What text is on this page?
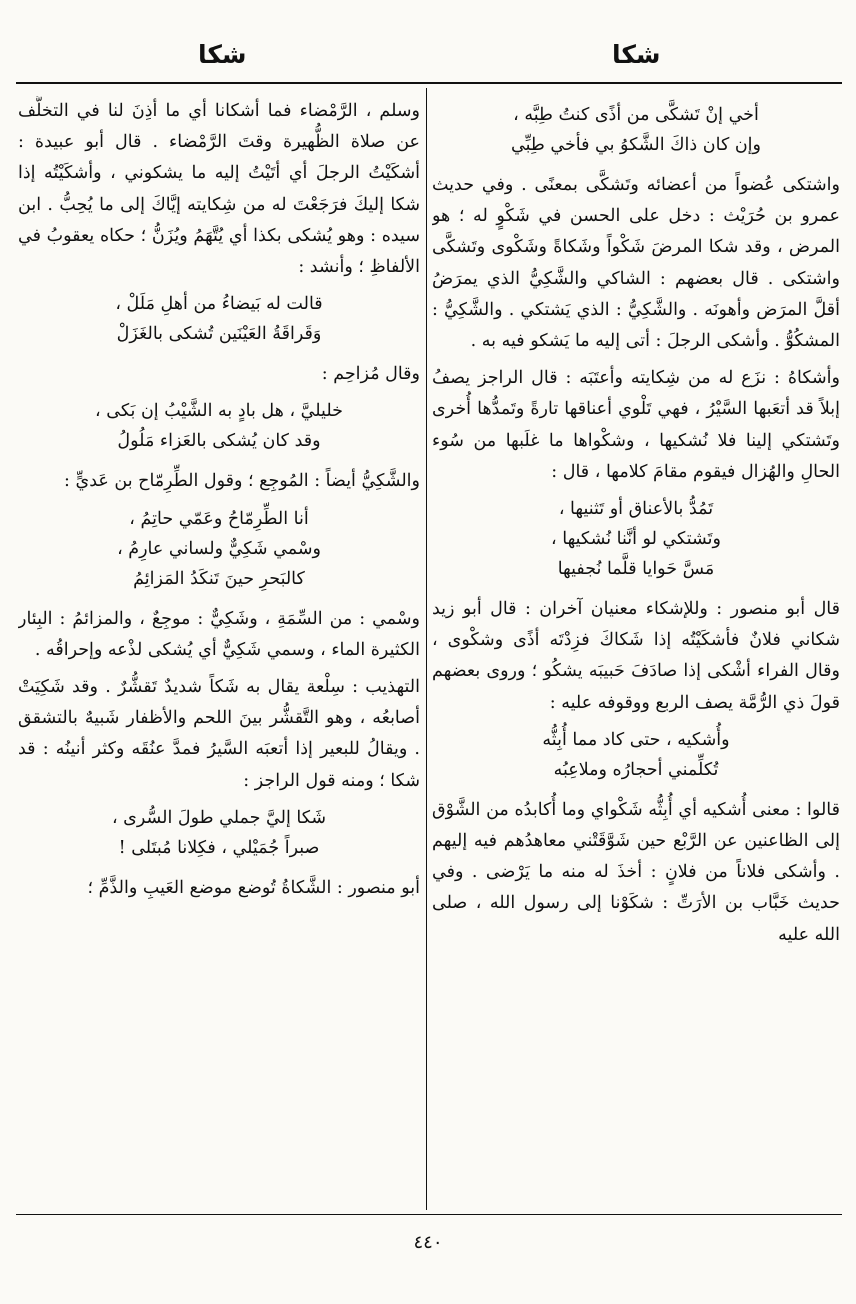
شكا
شكا
أخي إنْ تَشكَّى من أذًى كنتُ طِبَّه ،
وإن كان ذاكَ الشَّكوُ بي فأخي طِبِّي

واشتكى عُضواً من أعضائه وتَشكَّى بمعنًى . وفي حديث عمرو بن حُرَيْث : دخل على الحسن في شَكْوٍ له ؛ هو المرض ، وقد شكا المرضَ شَكْواً وشَكاةً وشَكْوى وتَشكَّى واشتكى . قال بعضهم : الشاكي والشَّكِيُّ الذي يمرَضُ أقلَّ المرَض وأهونَه . والشَّكِيُّ : الذي يَشتكي . والشَّكِيُّ : المشكُوُّ . وأشكى الرجلَ : أتى إليه ما يَشكو فيه به .

وأشكاهُ : نزَع له من شِكايته وأعتَبَه : قال الراجز يصفُ إبلاً قد أتعَبها السَّيْرُ ، فهي تَلْوي أعناقها تارةً وتَمدُّها أُخرى وتَشتكي إلينا فلا نُشكيها ، وشكْواها ما غلَبها من سُوء الحالِ والهُزال فيقوم مقامَ كلامها ، قال :

تَمُدُّ بالأعناق أو تَثنيها ،
وتَشتكي لو أنَّنا نُشكيها ،
مَسَّ حَوايا قلَّما نُجفيها

قال أبو منصور : وللإشكاء معنيان آخران : قال أبو زيد شكاني فلانٌ فأشكَيْتُه إذا شَكاكَ فزِدْتَه أذًى وشكْوى ، وقال الفراء أشْكى إذا صادَفَ حَبيبَه يشكُو ؛ وروى بعضهم قولَ ذي الرُّمَّة يصف الربع ووقوفه عليه :

وأُشكيه ، حتى كاد مما أُبِثُّه
تُكلِّمني أحجارُه وملاعِبُه

قالوا : معنى أُشكيه أي أُبِثُّه شَكْواي وما أُكابدُه من الشَّوْق إلى الظاعنين عن الرَّبْع حين شَوَّقَتْني معاهدُهم فيه إليهم . وأشكى فلاناً من فلانٍ : أخذَ له منه ما يَرْضى . وفي حديث خَبَّاب بن الأرَتِّ : شكَوْنا إلى رسول الله ، صلى الله عليه

وسلم ، الرَّمْضاء فما أشكانا أي ما أذِنَ لنا في التخلُّف عن صلاة الظُّهيرة وقتَ الرَّمْضاء . قال أبو عبيدة : أشكَيْتُ الرجلَ أي أتَيْتُ إليه ما يشكوني ، وأشكَيْتُه إذا شكا إليكَ فرَجَعْتَ له من شِكايته إيَّاكَ إلى ما يُحِبُّ . ابن سيده : وهو يُشكى بكذا أي يُتَّهَمُ ويُزَنُّ ؛ حكاه يعقوبُ في الألفاظِ ؛ وأنشد :

قالت له بَيضاءُ من أهلِ مَلَلْ ،
وَقَراقَةُ العَيْنَين تُشكى بالغَزَلْ

وقال مُزاحِم :

خليليَّ ، هل بادٍ به الشَّيْبُ إن بَكى ،
وقد كان يُشكى بالعَزاء مَلُولُ

والشَّكِيُّ أيضاً : المُوجِع ؛ وقول الطِّرِمّاح بن عَديٍّ :

أنا الطِّرِمّاحُ وعَمّي حاتِمُ ،
وسْمي شَكِيٌّ ولساني عارِمُ ،
كالبَحرِ حينَ تَنكَدُ المَزائِمُ

وسْمي : من السِّمَةِ ، وشَكِيٌّ : موجِعٌ ، والمزائمُ : البِئار الكثيرة الماء ، وسمي شَكِيٌّ أي يُشكى لذْعه وإحراقُه .

التهذيب : سِلْعة يقال به شَكاً شديدٌ تَقشُّرٌ . وقد شَكِيَتْ أصابعُه ، وهو التَّقشُّر بينَ اللحم والأظفار شَبيهٌ بالتشقق . ويقالُ للبعير إذا أتعبَه السَّيرُ فمدَّ عنُقَه وكثر أنينُه : قد شكا ؛ ومنه قول الراجز :

شَكا إليَّ جملي طولَ السُّرى ،
صبراً جُمَيْلي ، فكِلانا مُبتَلى !

أبو منصور : الشَّكاةُ تُوضع موضع العَيبِ والذَّمِّ ؛

٤٤٠
